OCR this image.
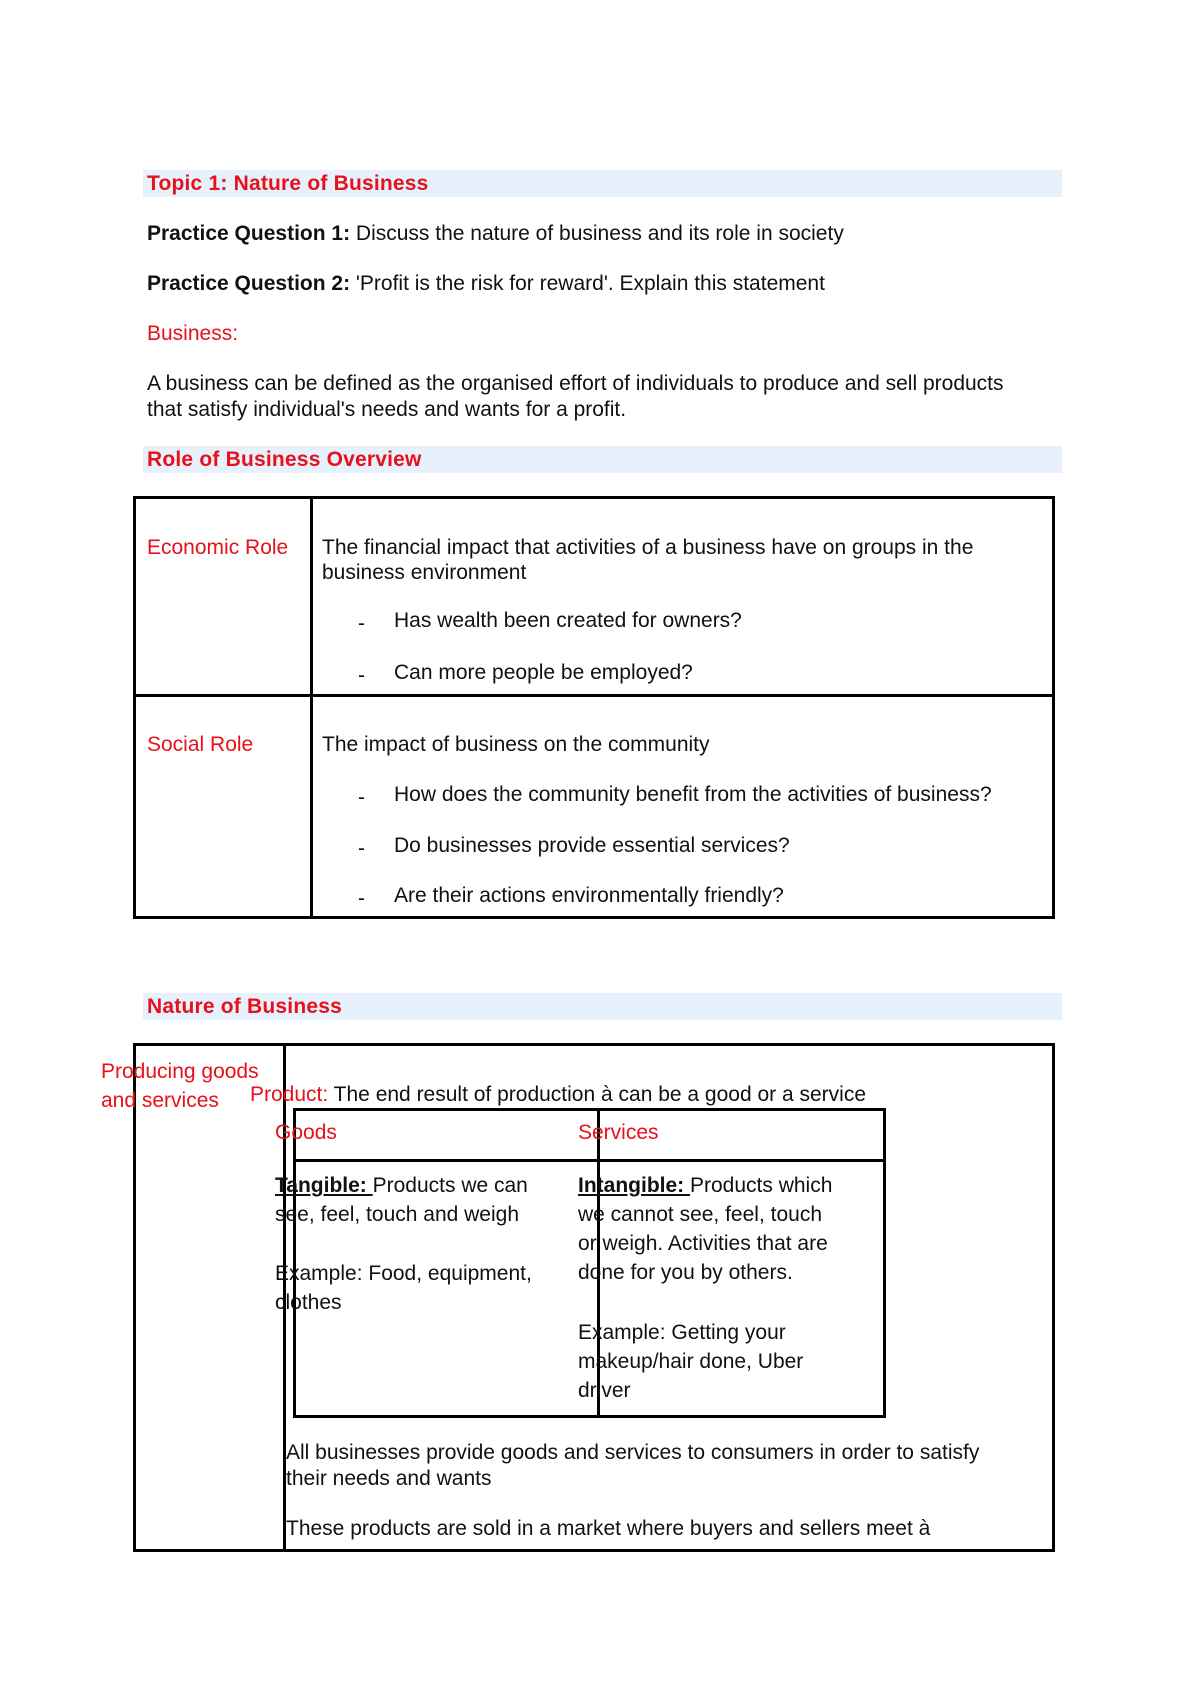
Topic 1: Nature of Business
Practice Question 1: Discuss the nature of business and its role in society
Practice Question 2: 'Profit is the risk for reward'. Explain this statement
Business:
A business can be defined as the organised effort of individuals to produce and sell products
that satisfy individual's needs and wants for a profit.
Role of Business Overview
Economic Role The financial impact that activities of a business have on groups in the
business environment
- Has wealth been created for owners?
- Can more people be employed?
Social Role	The impact of business on the community
- How does the community benefit from the activities of business?
- Do businesses provide essential services?
- Are their actions environmentally friendly?
Nature of Business
Producing goods
and services Product: The end result of production à can be a good or a service
Goods	Services
Tangible: Products we can
see, feel, touch and weigh
Example: Food, equipment,
clothes
Intangible: Products which
we cannot see, feel, touch
or weigh. Activities that are
done for you by others.
Example: Getting your
makeup/hair done, Uber
driver
All businesses provide goods and services to consumers in order to satisfy
their needs and wants
These products are sold in a market where buyers and sellers meet à
